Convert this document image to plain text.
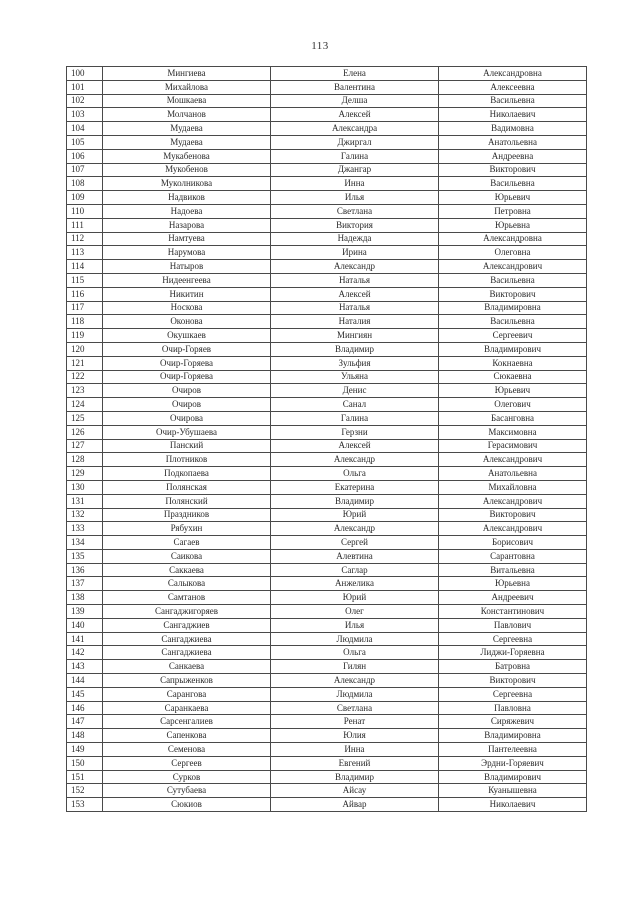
113
100	Мингиева	Елена	Александровна
101	Михайлова	Валентина	Алексеевна
102	Мошкаева	Делша	Васильевна
103	Молчанов	Алексей	Николаевич
104	Мудаева	Александра	Вадимовна
105	Мудаева	Джиргал	Анатольевна
106	Мукабенова	Галина	Андреевна
107	Мукобенов	Джангар	Викторович
108	Муколникова	Инна	Васильевна
109	Надвиков	Илья	Юрьевич
110	Надоева	Светлана	Петровна
111	Назарова	Виктория	Юрьевна
112	Намтуева	Надежда	Александровна
113	Нарумова	Ирина	Олеговна
114	Натыров	Александр	Александрович
115	Нидеенгеева	Наталья	Васильевна
116	Никитин	Алексей	Викторович
117	Носкова	Наталья	Владимировна
118	Оконова	Наталия	Васильевна
119	Окушкаев	Мингиян	Сергеевич
120	Очир-Горяев	Владимир	Владимирович
121	Очир-Горяева	Зульфия	Кокнаевна
122	Очир-Горяева	Ульяна	Сюкаевна
123	Очиров	Денис	Юрьевич
124	Очиров	Санал	Олегович
125	Очирова	Галина	Басанговна
126	Очир-Убушаева	Герзни	Максимовна
127	Панский	Алексей	Герасимович
128	Плотников	Александр	Александрович
129	Подкопаева	Ольга	Анатольевна
130	Полянская	Екатерина	Михайловна
131	Полянский	Владимир	Александрович
132	Праздников	Юрий	Викторович
133	Рябухин	Александр	Александрович
134	Сагаев	Сергей	Борисович
135	Саикова	Алевтина	Сарантовна
136	Саккаева	Саглар	Витальевна
137	Салыкова	Анжелика	Юрьевна
138	Самтанов	Юрий	Андреевич
139	Сангаджигоряев	Олег	Константинович
140	Сангаджиев	Илья	Павлович
141	Сангаджиева	Людмила	Сергеевна
142	Сангаджиева	Ольга	Лиджи-Горяевна
143	Санкаева	Гилян	Батровна
144	Сапрыженков	Александр	Викторович
145	Сарангова	Людмила	Сергеевна
146	Саранкаева	Светлана	Павловна
147	Сарсенгалиев	Ренат	Сиряжевич
148	Сапенкова	Юлия	Владимировна
149	Семенова	Инна	Пантелеевна
150	Сергеев	Евгений	Эрдни-Горяевич
151	Сурков	Владимир	Владимирович
152	Сутубаева	Айсау	Куанышевна
153	Сюкиов	Айвар	Николаевич
